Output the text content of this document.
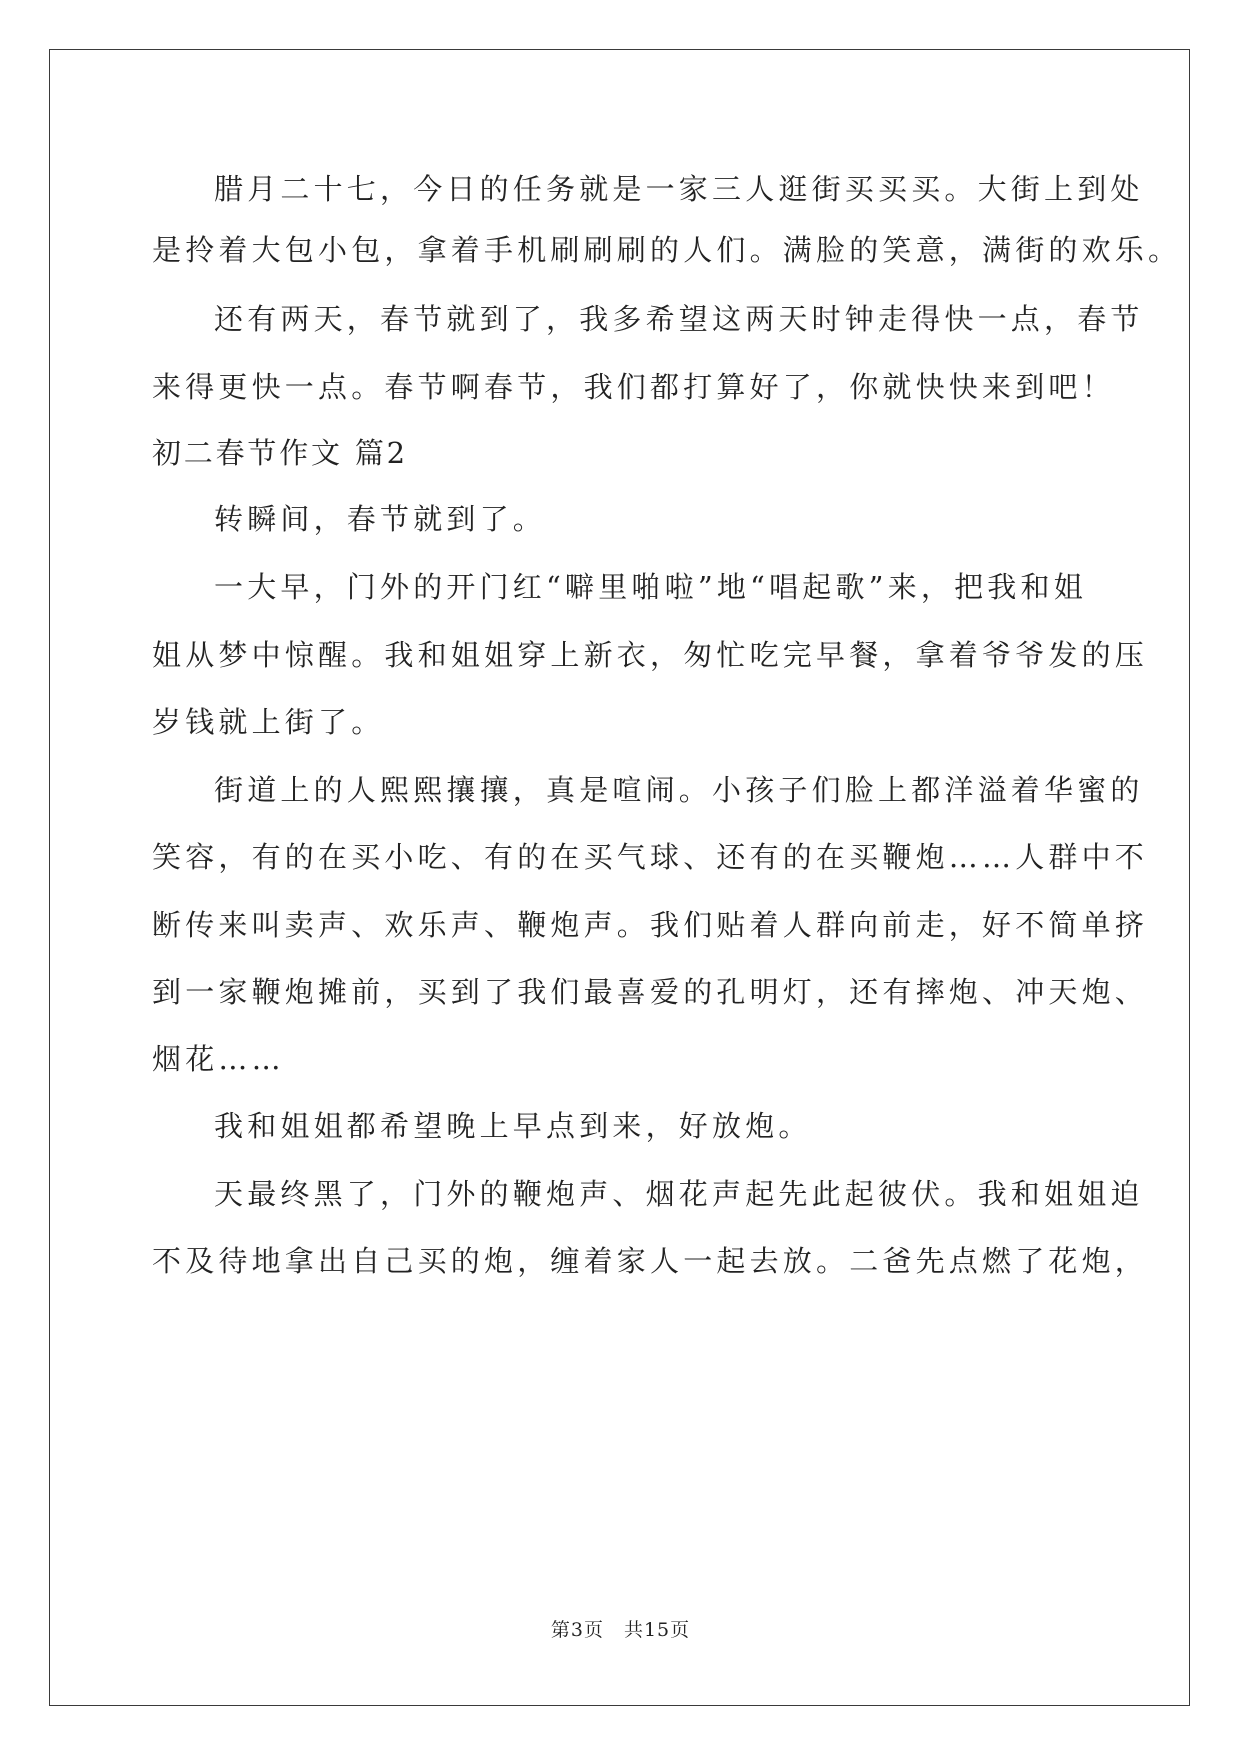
腊月二十七，今日的任务就是一家三人逛街买买买。大街上到处
是拎着大包小包，拿着手机刷刷刷的人们。满脸的笑意，满街的欢乐。
还有两天，春节就到了，我多希望这两天时钟走得快一点，春节
来得更快一点。春节啊春节，我们都打算好了，你就快快来到吧！
初二春节作文 篇2
转瞬间，春节就到了。
一大早，门外的开门红“噼里啪啦”地“唱起歌”来，把我和姐
姐从梦中惊醒。我和姐姐穿上新衣，匆忙吃完早餐，拿着爷爷发的压
岁钱就上街了。
街道上的人熙熙攘攘，真是喧闹。小孩子们脸上都洋溢着华蜜的
笑容，有的在买小吃、有的在买气球、还有的在买鞭炮……人群中不
断传来叫卖声、欢乐声、鞭炮声。我们贴着人群向前走，好不简单挤
到一家鞭炮摊前，买到了我们最喜爱的孔明灯，还有摔炮、冲天炮、
烟花……
我和姐姐都希望晚上早点到来，好放炮。
天最终黑了，门外的鞭炮声、烟花声起先此起彼伏。我和姐姐迫
不及待地拿出自己买的炮，缠着家人一起去放。二爸先点燃了花炮，
第3页　共15页
